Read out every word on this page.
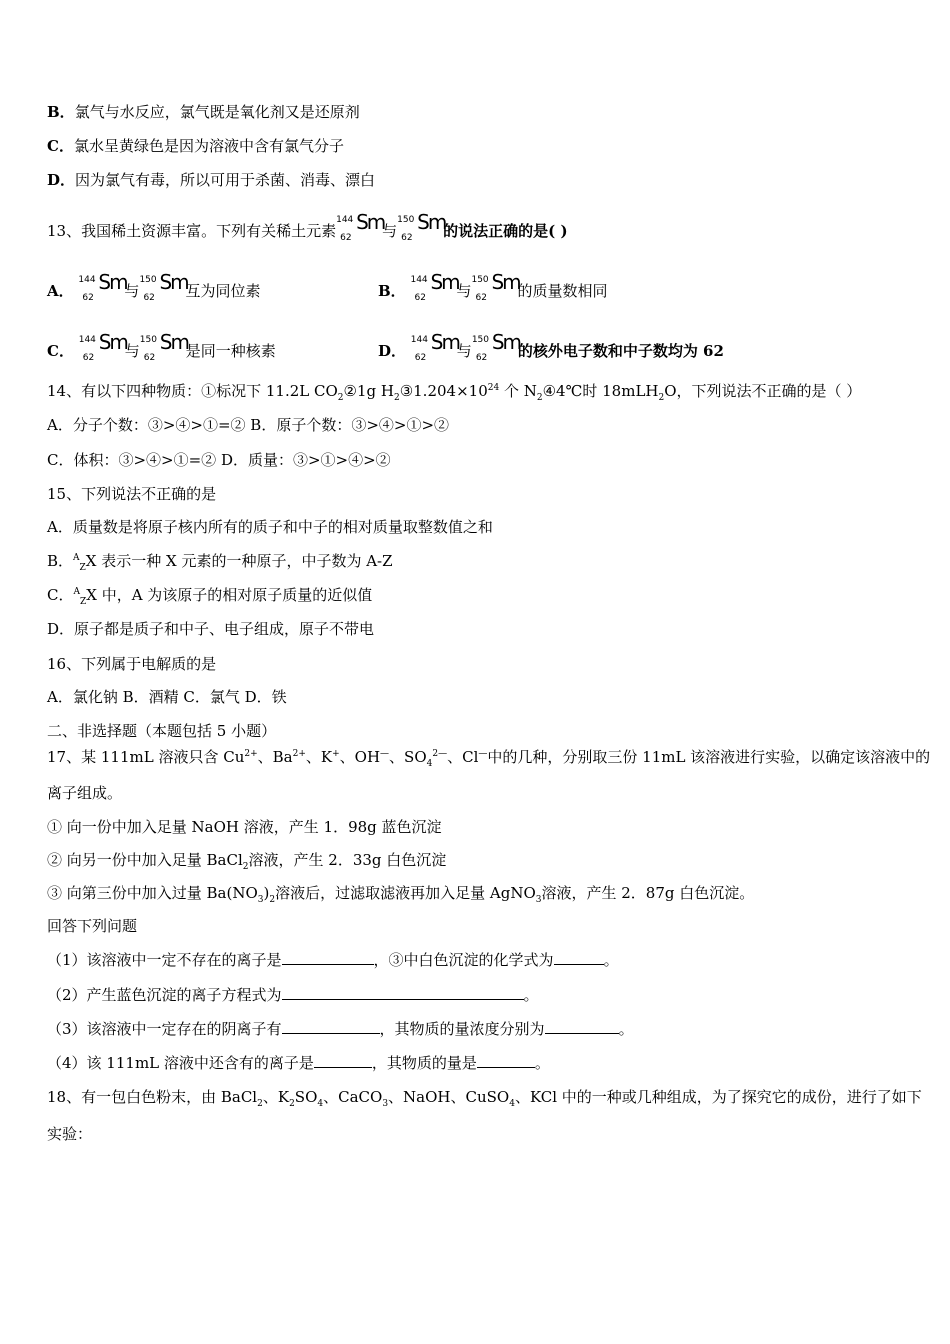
B．氯气与水反应，氯气既是氧化剂又是还原剂
C．氯水呈黄绿色是因为溶液中含有氯气分子
D．因为氯气有毒，所以可用于杀菌、消毒、漂白
13、我国稀土资源丰富。下列有关稀土元素
144
62
Sm
与
150
62
Sm
的说法正确的是( )
A．
144
62
Sm
与
150
62
Sm
互为同位素	B．
144
62
Sm
与
150
62
Sm
的质量数相同
C．
144
62
Sm
与
150
62
Sm
是同一种核素	D．
144
62
Sm
与
150
62
Sm
的核外电子数和中子数均为 62
14、有以下四种物质：①标况下 11.2L $CO_2②1g$ $H_2③1.204\times 10^{24}$ 个 $N_2④4℃$时 18mLH$_2$O，下列说法不正确的是（ ）
A．分子个数：③>④>①=② B．原子个数：③>④>①>②
C．体积：③>④>①=② D．质量：③>①>④>②
15、下列说法不正确的是
A．质量数是将原子核内所有的质子和中子的相对质量取整数值之和
B．$^A_Z$X 表示一种 X 元素的一种原子，中子数为 A-Z
C．$^A_Z$X 中，A 为该原子的相对原子质量的近似值
D．原子都是质子和中子、电子组成，原子不带电
16、下列属于电解质的是
A．氯化钠 B．酒精 C．氯气 D．铁
二、非选择题（本题包括 5 小题）
17、某 111mL 溶液只含 $Cu^{2+}$、$Ba^{2+}$、K+、OH—、$SO_4^{2—}$、Cl—中的几种，分别取三份 11mL 该溶液进行实验，以确定该溶液中的
离子组成。
① 向一份中加入足量 NaOH 溶液，产生 1．98g 蓝色沉淀
② 向另一份中加入足量 BaCl$_2$溶液，产生 2．33g 白色沉淀
③ 向第三份中加入过量 $Ba(NO_3)_2$溶液后，过滤取滤液再加入足量 AgNO$_3$溶液，产生 2．87g 白色沉淀。
回答下列问题
（1）该溶液中一定不存在的离子是	，③中白色沉淀的化学式为	。
（2）产生蓝色沉淀的离子方程式为	。
（3）该溶液中一定存在的阴离子有	，其物质的量浓度分别为	。
（4）该 111mL 溶液中还含有的离子是	，其物质的量是	。
18、有一包白色粉末，由 BaCl$_2$、$K_2SO_4$、CaCO$_3$、NaOH、CuSO$_4$、KCl 中的一种或几种组成，为了探究它的成份，进行了如下
实验：
